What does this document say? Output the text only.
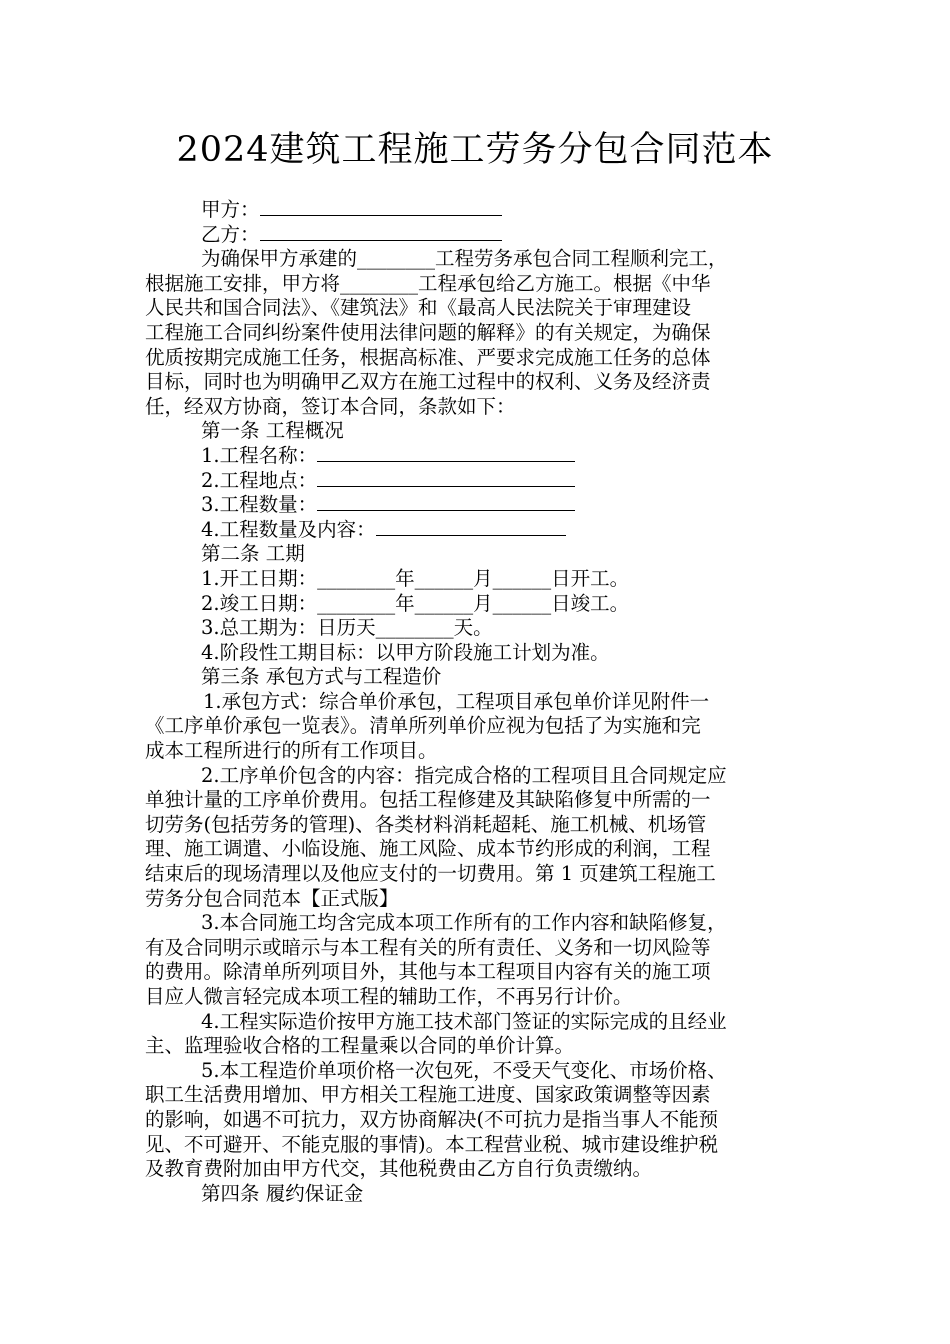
2024建筑工程施工劳务分包合同范本
甲方：
乙方：
为确保甲方承建的________工程劳务承包合同工程顺利完工，
根据施工安排，甲方将________工程承包给乙方施工。根据《中华
人民共和国合同法》、《建筑法》和《最高人民法院关于审理建设
工程施工合同纠纷案件使用法律问题的解释》的有关规定，为确保
优质按期完成施工任务，根据高标准、严要求完成施工任务的总体
目标，同时也为明确甲乙双方在施工过程中的权利、义务及经济责
任，经双方协商，签订本合同，条款如下：
第一条 工程概况
1.工程名称：
2.工程地点：
3.工程数量：
4.工程数量及内容：
第二条 工期
1.开工日期：________年______月______日开工。
2.竣工日期：________年______月______日竣工。
3.总工期为：日历天________天。
4.阶段性工期目标：以甲方阶段施工计划为准。
第三条 承包方式与工程造价
1.承包方式：综合单价承包，工程项目承包单价详见附件一
《工序单价承包一览表》。清单所列单价应视为包括了为实施和完
成本工程所进行的所有工作项目。
2.工序单价包含的内容：指完成合格的工程项目且合同规定应
单独计量的工序单价费用。包括工程修建及其缺陷修复中所需的一
切劳务(包括劳务的管理)、各类材料消耗超耗、施工机械、机场管
理、施工调遣、小临设施、施工风险、成本节约形成的利润，工程
结束后的现场清理以及他应支付的一切费用。第 1 页建筑工程施工
劳务分包合同范本【正式版】
3.本合同施工均含完成本项工作所有的工作内容和缺陷修复，
有及合同明示或暗示与本工程有关的所有责任、义务和一切风险等
的费用。除清单所列项目外，其他与本工程项目内容有关的施工项
目应人微言轻完成本项工程的辅助工作，不再另行计价。
4.工程实际造价按甲方施工技术部门签证的实际完成的且经业
主、监理验收合格的工程量乘以合同的单价计算。
5.本工程造价单项价格一次包死，不受天气变化、市场价格、
职工生活费用增加、甲方相关工程施工进度、国家政策调整等因素
的影响，如遇不可抗力，双方协商解决(不可抗力是指当事人不能预
见、不可避开、不能克服的事情)。本工程营业税、城市建设维护税
及教育费附加由甲方代交，其他税费由乙方自行负责缴纳。
第四条 履约保证金
